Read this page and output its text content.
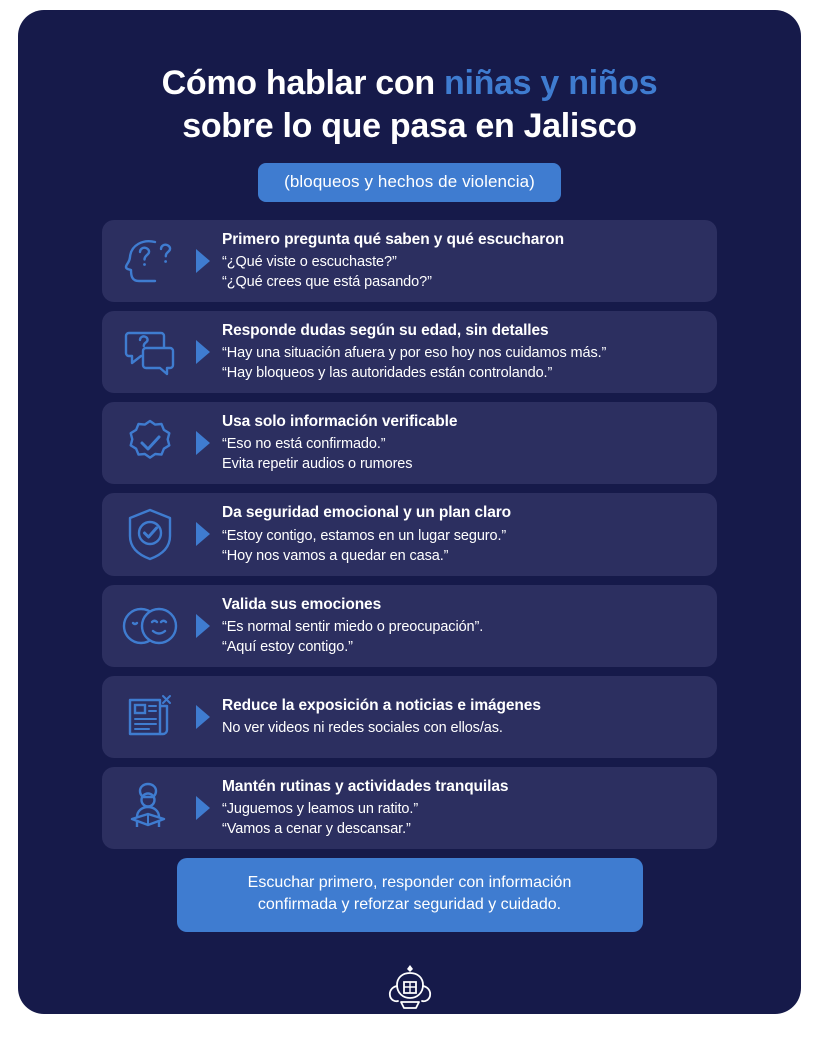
Cómo hablar con niñas y niños
sobre lo que pasa en Jalisco
(bloqueos y hechos de violencia)
Primero pregunta qué saben y qué escucharon
“¿Qué viste o escuchaste?”
“¿Qué crees que está pasando?”
Responde dudas según su edad, sin detalles
“Hay una situación afuera y por eso hoy nos cuidamos más.”
“Hay bloqueos y las autoridades están controlando.”
Usa solo información verificable
“Eso no está confirmado.”
Evita repetir audios o rumores
Da seguridad emocional y un plan claro
“Estoy contigo, estamos en un lugar seguro.”
“Hoy nos vamos a quedar en casa.”
Valida sus emociones
“Es normal sentir miedo o preocupación”.
“Aquí estoy contigo.”
Reduce la exposición a noticias e imágenes
No ver videos ni redes sociales con ellos/as.
Mantén rutinas y actividades tranquilas
“Juguemos y leamos un ratito.”
“Vamos a cenar y descansar.”
Escuchar primero, responder con información
confirmada y reforzar seguridad y cuidado.
JALISCO
GOBIERNO DEL ESTADO
